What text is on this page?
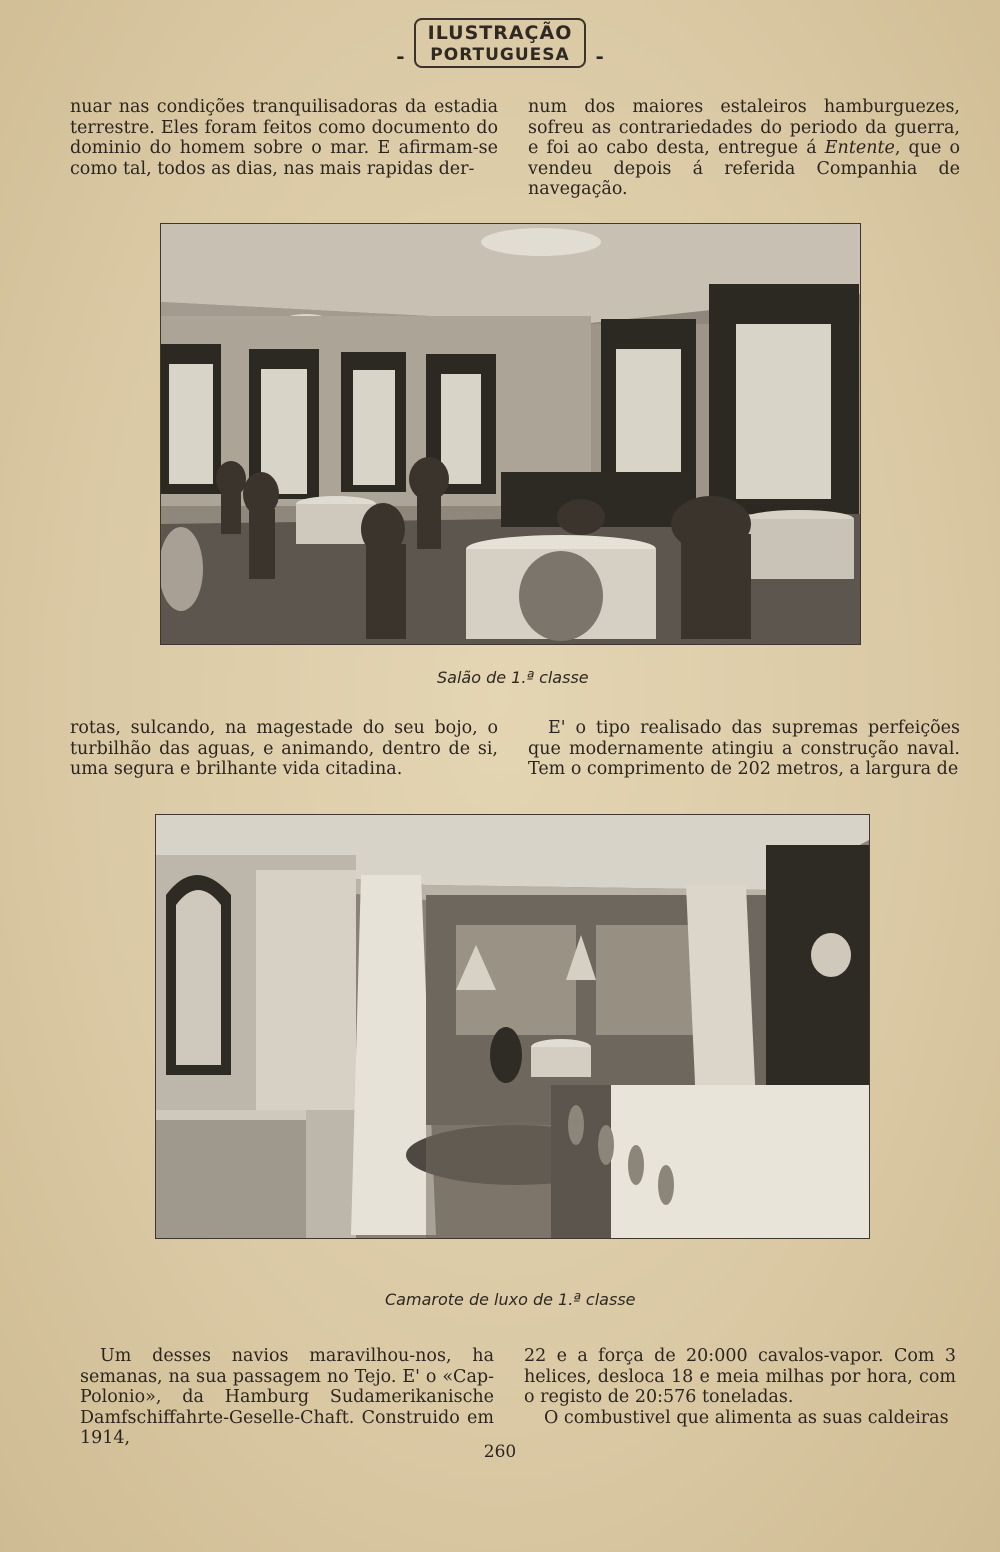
-
ILUSTRAÇÃO
PORTUGUESA -

nuar nas condições tranquilisadoras da estadia terrestre. Eles foram feitos como documento do dominio do homem sobre o mar. E afirmam-se como tal, todos as dias, nas mais rapidas der-

num dos maiores estaleiros hamburguezes, sofreu as contrariedades do periodo da guerra, e foi ao cabo desta, entregue á Entente, que o vendeu depois á referida Companhia de navegação.

Salão de 1.ª classe

rotas, sulcando, na magestade do seu bojo, o turbilhão das aguas, e animando, dentro de si, uma segura e brilhante vida citadina.

E' o tipo realisado das supremas perfeições que modernamente atingiu a construção naval. Tem o comprimento de 202 metros, a largura de

Camarote de luxo de 1.ª classe

Um desses navios maravilhou-nos, ha semanas, na sua passagem no Tejo. E' o «Cap-Polonio», da Hamburg Sudamerikanische Damfschiffahrte-Geselle-Chaft. Construido em 1914,

22 e a força de 20:000 cavalos-vapor. Com 3 helices, desloca 18 e meia milhas por hora, com o registo de 20:576 toneladas.

O combustivel que alimenta as suas caldeiras

260
